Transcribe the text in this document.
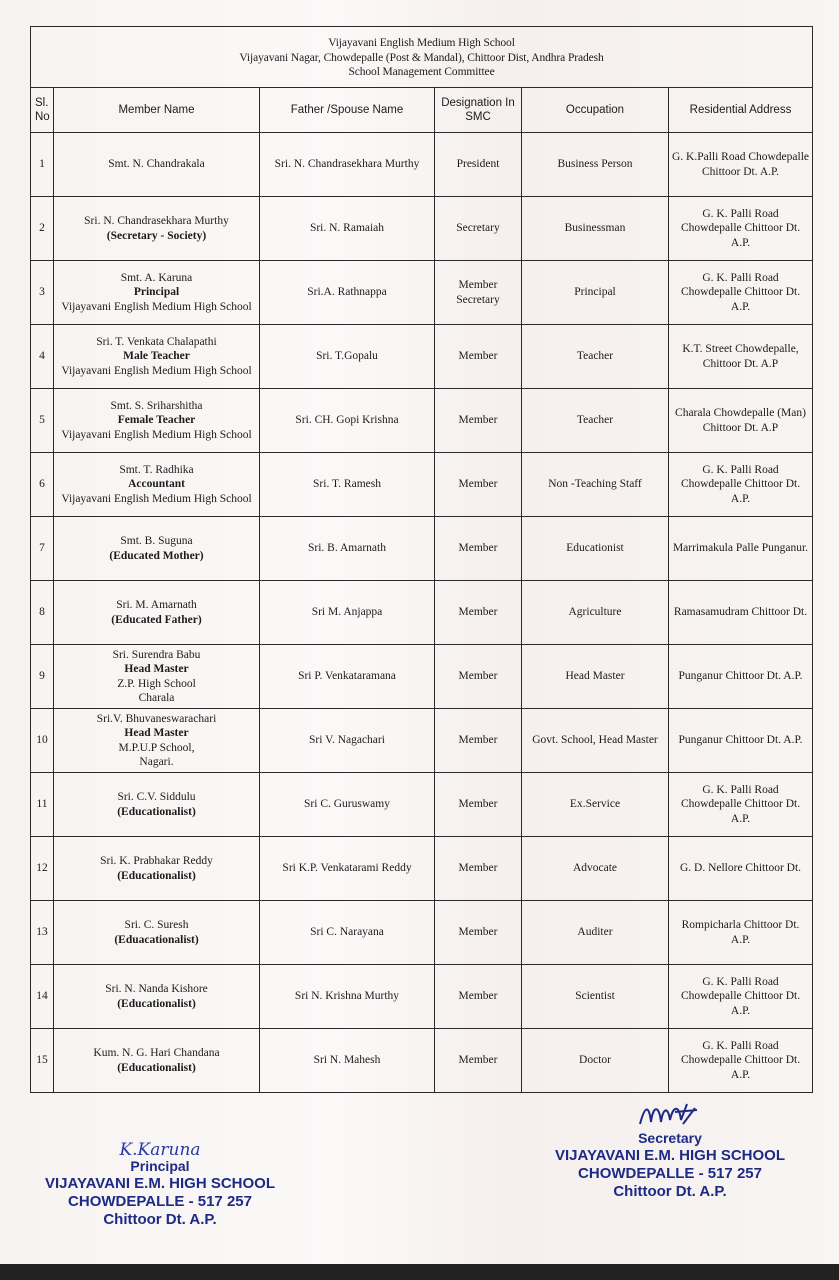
Vijayavani English Medium High School
Vijayavani Nagar, Chowdepalle (Post & Mandal), Chittoor Dist, Andhra Pradesh
School Management Committee					

Sl. No	Member Name	Father /Spouse Name	Designation In SMC	Occupation	Residential Address
1	Smt. N. Chandrakala	Sri. N. Chandrasekhara Murthy	President	Business Person	G. K.Palli Road Chowdepalle Chittoor Dt. A.P.
2	Sri. N. Chandrasekhara Murthy
(Secretary - Society)	Sri. N. Ramaiah	Secretary	Businessman	G. K. Palli Road Chowdepalle Chittoor Dt. A.P.
3	Smt. A. Karuna
Principal
Vijayavani English Medium High School	Sri.A. Rathnappa	Member Secretary	Principal	G. K. Palli Road Chowdepalle Chittoor Dt. A.P.
4	Sri. T. Venkata Chalapathi
Male Teacher
Vijayavani English Medium High School	Sri. T.Gopalu	Member	Teacher	K.T. Street Chowdepalle, Chittoor Dt. A.P
5	Smt. S. Sriharshitha
Female Teacher
Vijayavani English Medium High School	Sri. CH. Gopi Krishna	Member	Teacher	Charala Chowdepalle (Man) Chittoor Dt. A.P
6	Smt. T. Radhika
Accountant
Vijayavani English Medium High School	Sri. T. Ramesh	Member	Non -Teaching Staff	G. K. Palli Road Chowdepalle Chittoor Dt. A.P.
7	Smt. B. Suguna
(Educated Mother)	Sri. B. Amarnath	Member	Educationist	Marrimakula Palle Punganur.
8	Sri. M. Amarnath
(Educated Father)	Sri M. Anjappa	Member	Agriculture	Ramasamudram Chittoor Dt.
9	Sri. Surendra Babu
Head Master
Z.P. High School
Charala	Sri P. Venkataramana	Member	Head Master	Punganur Chittoor Dt. A.P.
10	Sri.V. Bhuvaneswarachari
Head Master
M.P.U.P School,
Nagari.	Sri V. Nagachari	Member	Govt. School, Head Master	Punganur Chittoor Dt. A.P.
11	Sri. C.V. Siddulu
(Educationalist)	Sri C. Guruswamy	Member	Ex.Service	G. K. Palli Road Chowdepalle Chittoor Dt. A.P.
12	Sri. K. Prabhakar Reddy
(Educationalist)	Sri K.P. Venkatarami Reddy	Member	Advocate	G. D. Nellore Chittoor Dt.
13	Sri. C. Suresh
(Eduacationalist)	Sri C. Narayana	Member	Auditer	Rompicharla Chittoor Dt. A.P.
14	Sri. N. Nanda Kishore
(Educationalist)	Sri N. Krishna Murthy	Member	Scientist	G. K. Palli Road Chowdepalle Chittoor Dt. A.P.
15	Kum. N. G. Hari Chandana
(Educationalist)	Sri N. Mahesh	Member	Doctor	G. K. Palli Road Chowdepalle Chittoor Dt. A.P.
K.Karuna
Principal
VIJAYAVANI E.M. HIGH SCHOOL
CHOWDEPALLE - 517 257
Chittoor Dt. A.P.
Secretary
VIJAYAVANI E.M. HIGH SCHOOL
CHOWDEPALLE - 517 257
Chittoor Dt. A.P.
